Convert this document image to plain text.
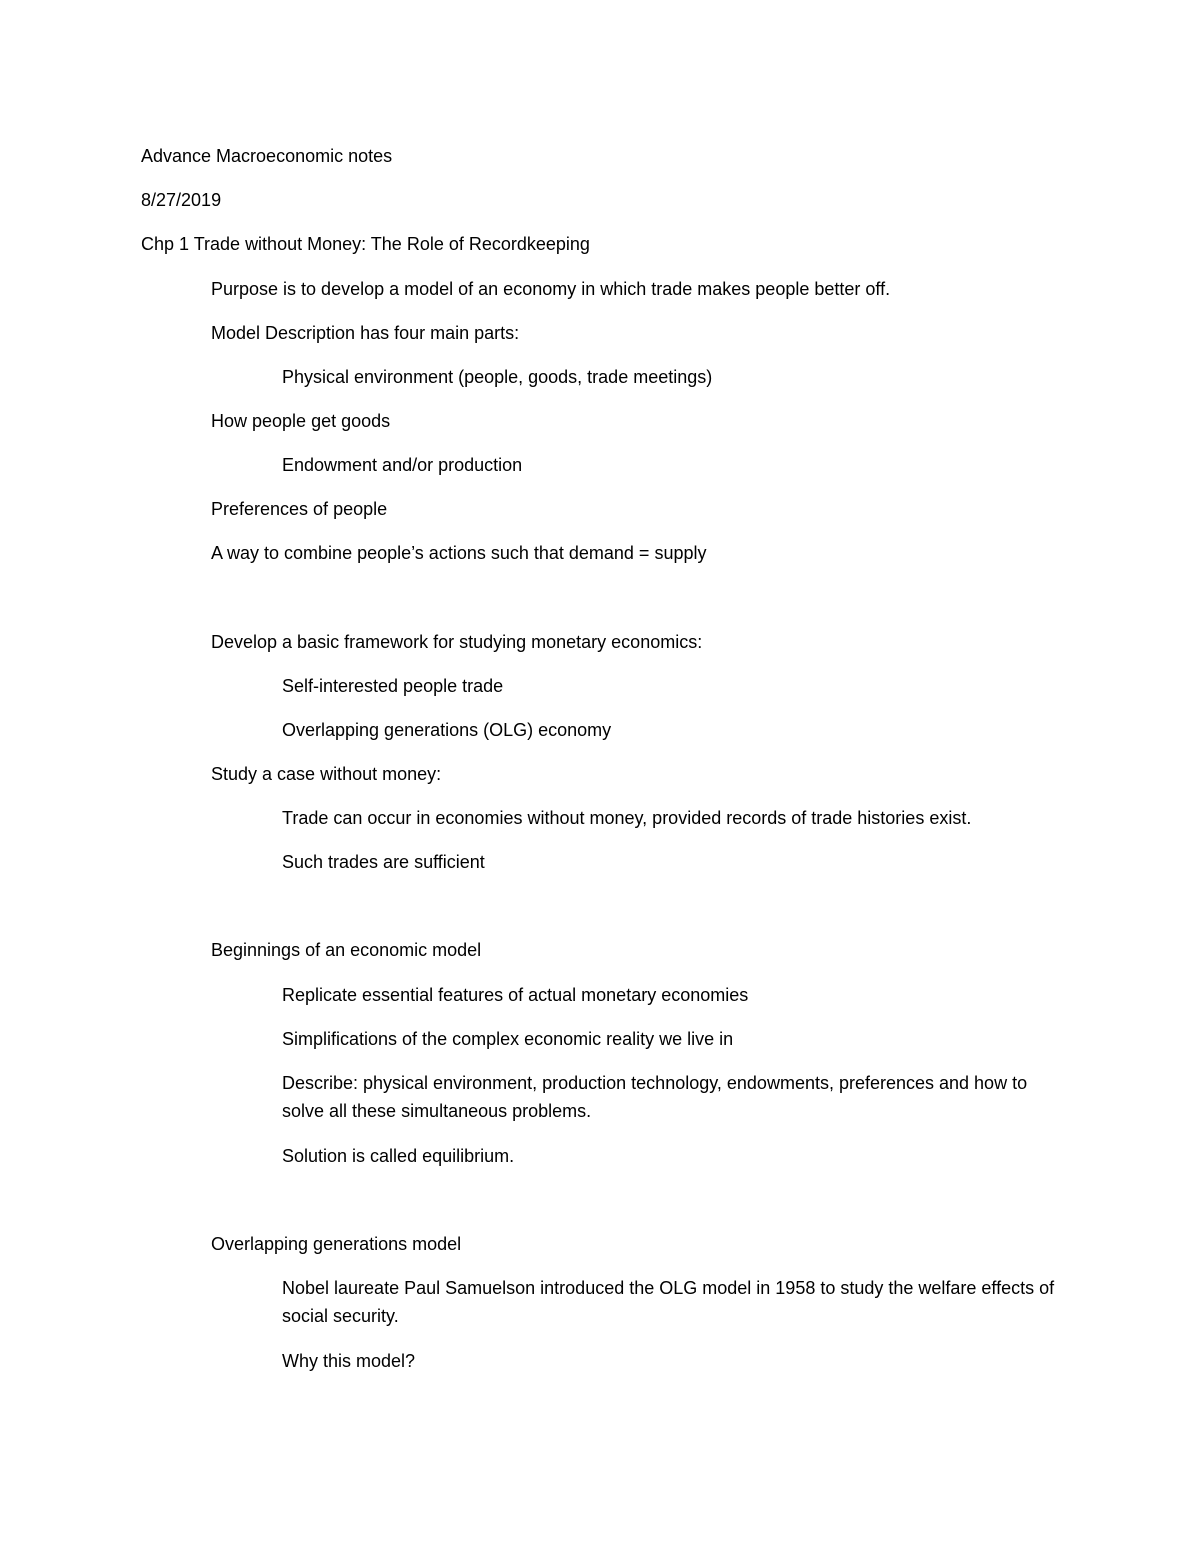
Advance Macroeconomic notes
8/27/2019
Chp 1 Trade without Money: The Role of Recordkeeping
Purpose is to develop a model of an economy in which trade makes people better off.
Model Description has four main parts:
Physical environment (people, goods, trade meetings)
How people get goods
Endowment and/or production
Preferences of people
A way to combine people’s actions such that demand = supply
Develop a basic framework for studying monetary economics:
Self-interested people trade
Overlapping generations (OLG) economy
Study a case without money:
Trade can occur in economies without money, provided records of trade histories exist.
Such trades are sufficient
Beginnings of an economic model
Replicate essential features of actual monetary economies
Simplifications of the complex economic reality we live in
Describe: physical environment, production technology, endowments, preferences and how to solve all these simultaneous problems.
Solution is called equilibrium.
Overlapping generations model
Nobel laureate Paul Samuelson introduced the OLG model in 1958 to study the welfare effects of social security.
Why this model?
